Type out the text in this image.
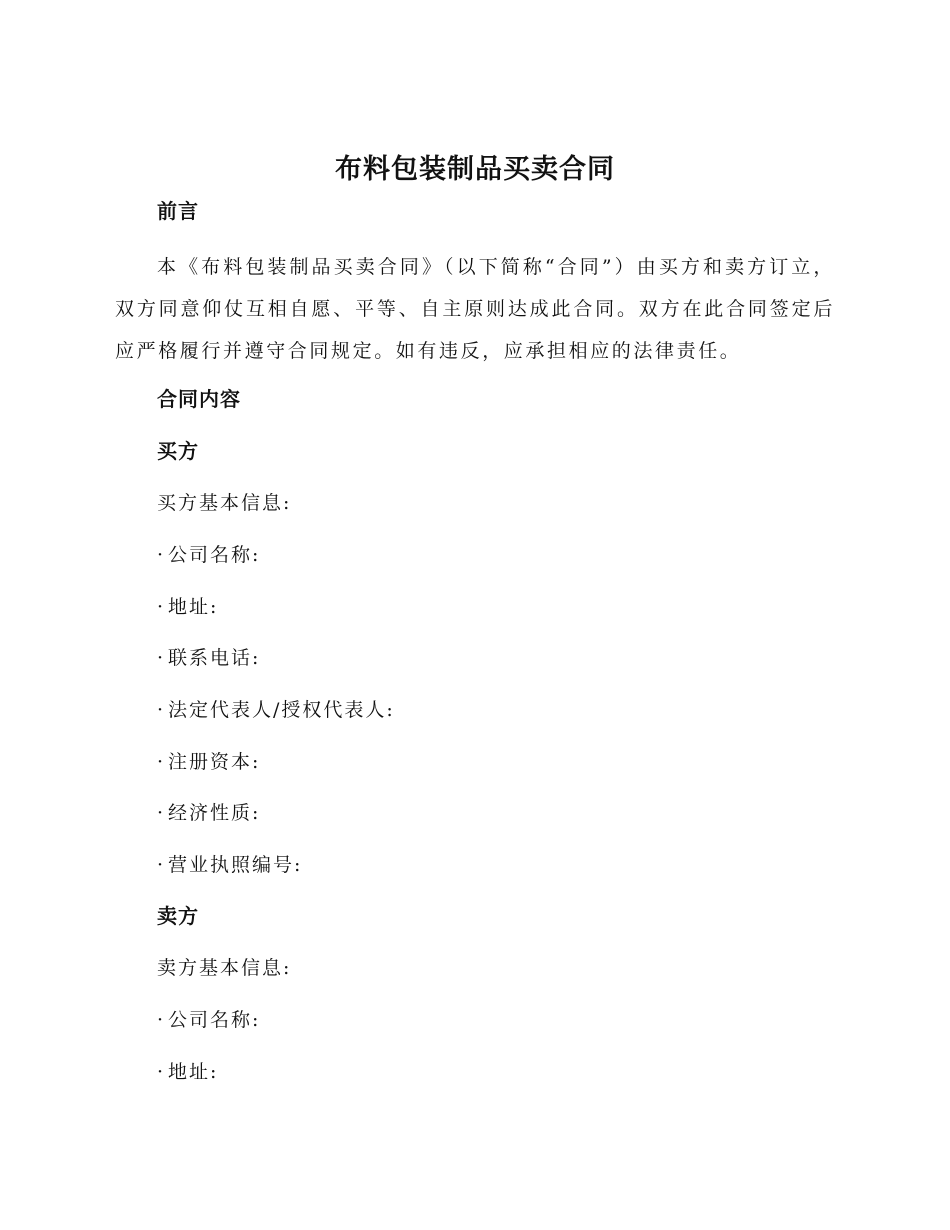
布料包装制品买卖合同
前言
本《布料包装制品买卖合同》（以下简称“合同”）由买方和卖方订立，双方同意仰仗互相自愿、平等、自主原则达成此合同。双方在此合同签定后应严格履行并遵守合同规定。如有违反，应承担相应的法律责任。
合同内容
买方
买方基本信息:
· 公司名称:
· 地址:
· 联系电话:
· 法定代表人/授权代表人:
· 注册资本:
· 经济性质:
· 营业执照编号:
卖方
卖方基本信息:
· 公司名称:
· 地址:
